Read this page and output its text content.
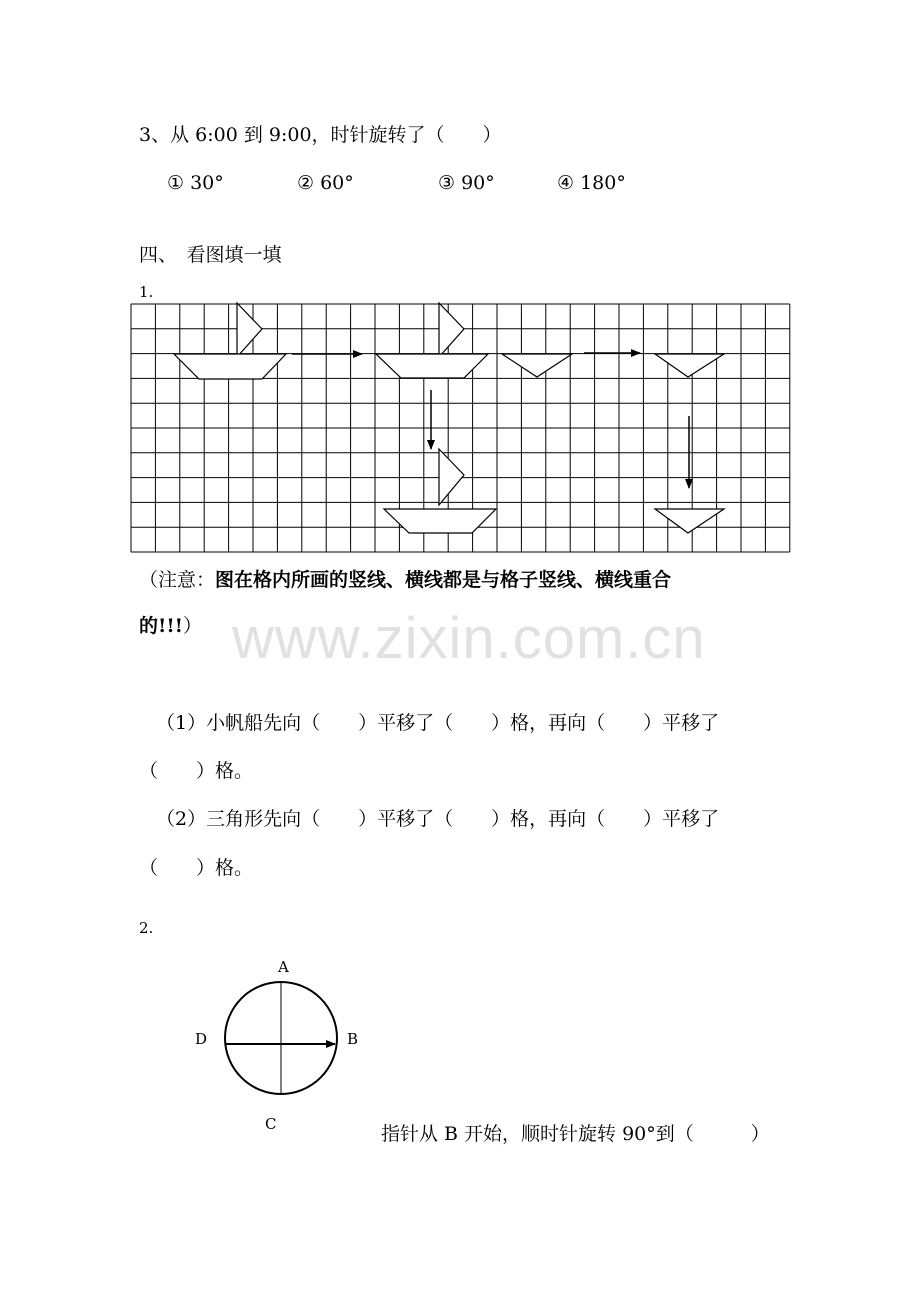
3、从 6:00 到 9:00，时针旋转了（　　）
① 30°	② 60°	③ 90°	④ 180°
四、　看图填一填
1.
www.zixin.com.cn
（注意：图在格内所画的竖线、横线都是与格子竖线、横线重合
的!!!）
（1）小帆船先向（　　）平移了（　　）格，再向（　　）平移了
（　　）格。
（2）三角形先向（　　）平移了（　　）格，再向（　　）平移了
（　　）格。
2.
A
B
C
D
指针从 B 开始，顺时针旋转 90°到（　　　）
